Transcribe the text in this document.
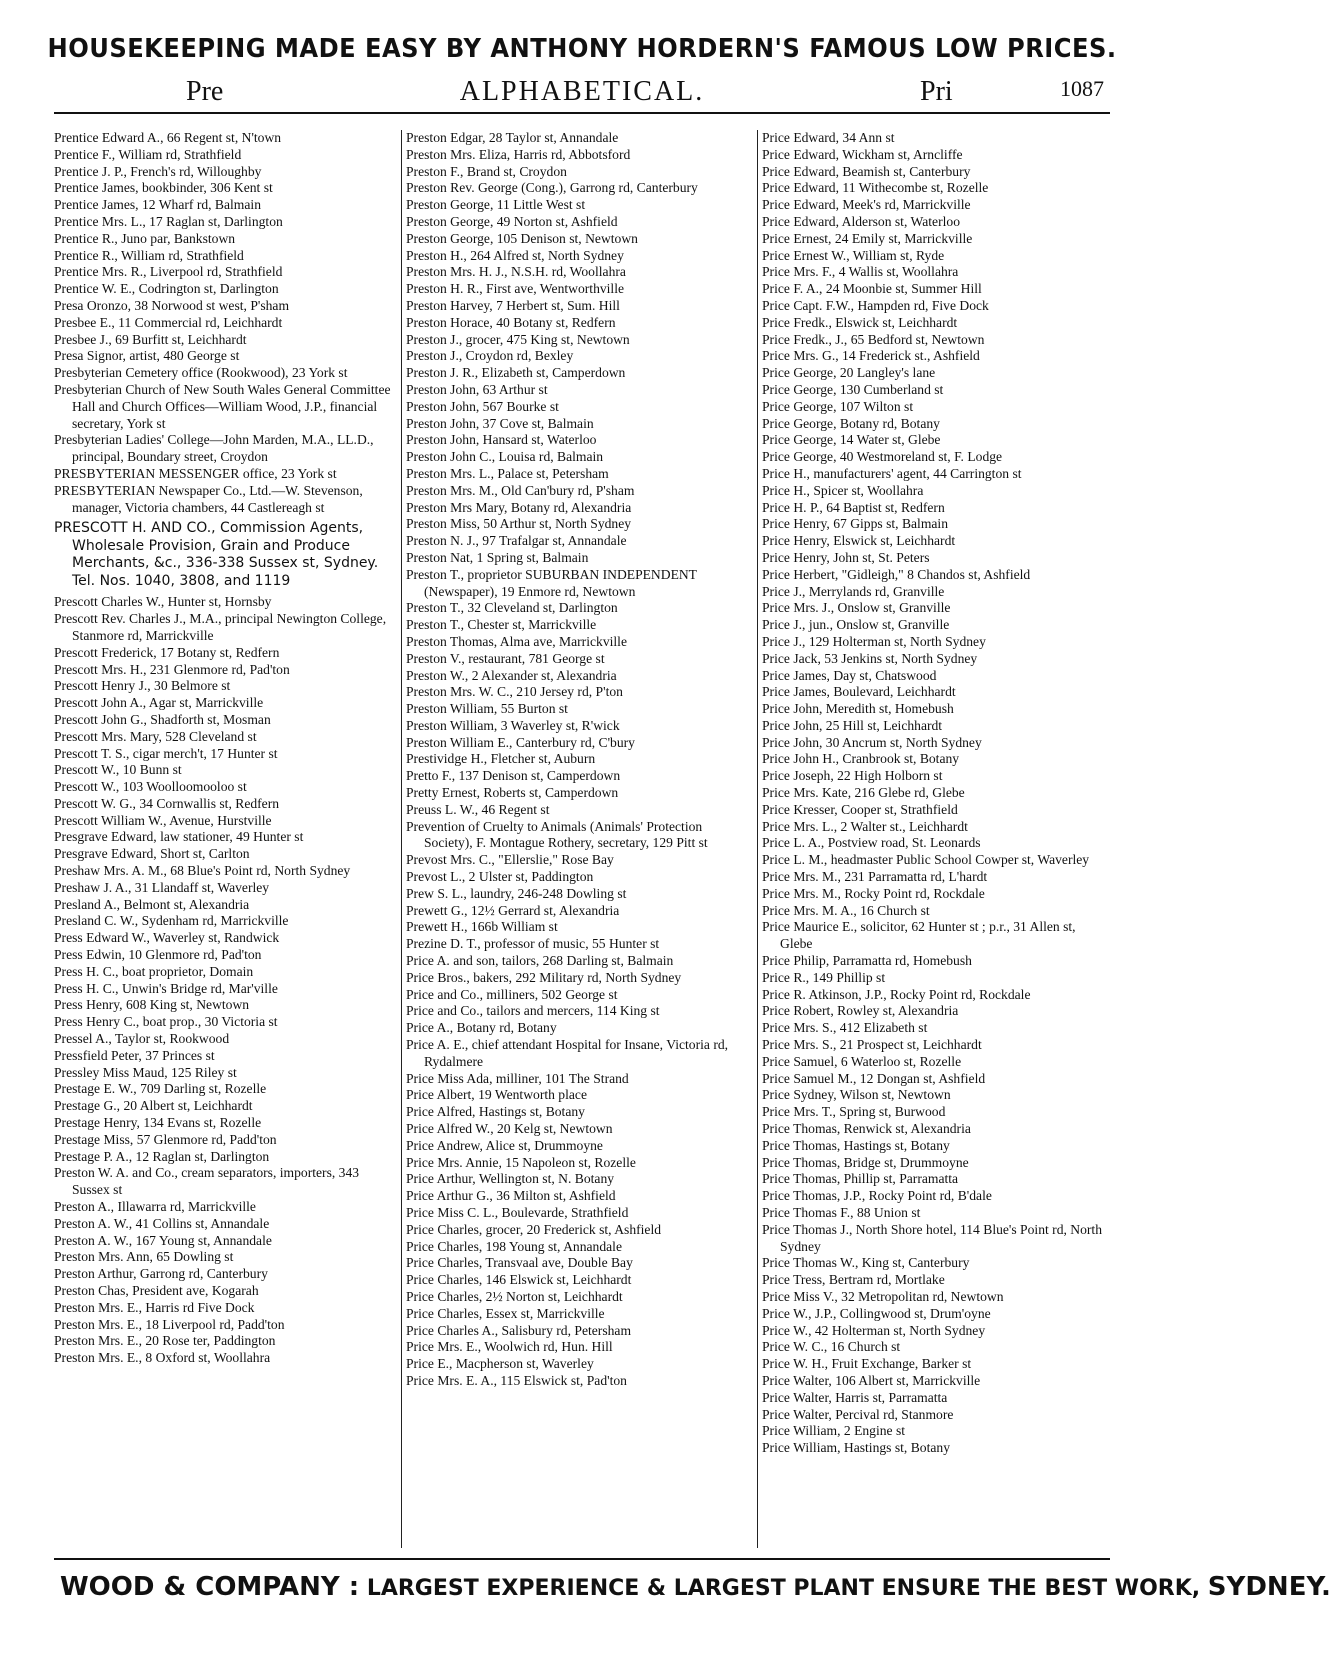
HOUSEKEEPING MADE EASY BY ANTHONY HORDERN'S FAMOUS LOW PRICES.
Pre	ALPHABETICAL.	Pri	1087
Prentice Edward A., 66 Regent st, N'town
Prentice F., William rd, Strathfield
Prentice J. P., French's rd, Willoughby
Prentice James, bookbinder, 306 Kent st
Prentice James, 12 Wharf rd, Balmain
Prentice Mrs. L., 17 Raglan st, Darlington
Prentice R., Juno par, Bankstown
Prentice R., William rd, Strathfield
Prentice Mrs. R., Liverpool rd, Strathfield
Prentice W. E., Codrington st, Darlington
Presa Oronzo, 38 Norwood st west, P'sham
Presbee E., 11 Commercial rd, Leichhardt
Presbee J., 69 Burfitt st, Leichhardt
Presa Signor, artist, 480 George st
Presbyterian Cemetery office (Rookwood), 23 York st
Presbyterian Church of New South Wales General Committee Hall and Church Offices—William Wood, J.P., financial secretary, York st
Presbyterian Ladies' College—John Marden, M.A., LL.D., principal, Boundary street, Croydon
PRESBYTERIAN MESSENGER office, 23 York st
PRESBYTERIAN Newspaper Co., Ltd.—W. Stevenson, manager, Victoria chambers, 44 Castlereagh st
PRESCOTT H. AND CO., Commission Agents, Wholesale Provision, Grain and Produce Merchants, &c., 336-338 Sussex st, Sydney. Tel. Nos. 1040, 3808, and 1119
Prescott Charles W., Hunter st, Hornsby
Prescott Rev. Charles J., M.A., principal Newington College, Stanmore rd, Marrickville
Prescott Frederick, 17 Botany st, Redfern
Prescott Mrs. H., 231 Glenmore rd, Pad'ton
Prescott Henry J., 30 Belmore st
Prescott John A., Agar st, Marrickville
Prescott John G., Shadforth st, Mosman
Prescott Mrs. Mary, 528 Cleveland st
Prescott T. S., cigar merch't, 17 Hunter st
Prescott W., 10 Bunn st
Prescott W., 103 Woolloomooloo st
Prescott W. G., 34 Cornwallis st, Redfern
Prescott William W., Avenue, Hurstville
Presgrave Edward, law stationer, 49 Hunter st
Presgrave Edward, Short st, Carlton
Preshaw Mrs. A. M., 68 Blue's Point rd, North Sydney
Preshaw J. A., 31 Llandaff st, Waverley
Presland A., Belmont st, Alexandria
Presland C. W., Sydenham rd, Marrickville
Press Edward W., Waverley st, Randwick
Press Edwin, 10 Glenmore rd, Pad'ton
Press H. C., boat proprietor, Domain
Press H. C., Unwin's Bridge rd, Mar'ville
Press Henry, 608 King st, Newtown
Press Henry C., boat prop., 30 Victoria st
Pressel A., Taylor st, Rookwood
Pressfield Peter, 37 Princes st
Pressley Miss Maud, 125 Riley st
Prestage E. W., 709 Darling st, Rozelle
Prestage G., 20 Albert st, Leichhardt
Prestage Henry, 134 Evans st, Rozelle
Prestage Miss, 57 Glenmore rd, Padd'ton
Prestage P. A., 12 Raglan st, Darlington
Preston W. A. and Co., cream separators, importers, 343 Sussex st
Preston A., Illawarra rd, Marrickville
Preston A. W., 41 Collins st, Annandale
Preston A. W., 167 Young st, Annandale
Preston Mrs. Ann, 65 Dowling st
Preston Arthur, Garrong rd, Canterbury
Preston Chas, President ave, Kogarah
Preston Mrs. E., Harris rd Five Dock
Preston Mrs. E., 18 Liverpool rd, Padd'ton
Preston Mrs. E., 20 Rose ter, Paddington
Preston Mrs. E., 8 Oxford st, Woollahra
Preston Edgar, 28 Taylor st, Annandale
Preston Mrs. Eliza, Harris rd, Abbotsford
Preston F., Brand st, Croydon
Preston Rev. George (Cong.), Garrong rd, Canterbury
Preston George, 11 Little West st
Preston George, 49 Norton st, Ashfield
Preston George, 105 Denison st, Newtown
Preston H., 264 Alfred st, North Sydney
Preston Mrs. H. J., N.S.H. rd, Woollahra
Preston H. R., First ave, Wentworthville
Preston Harvey, 7 Herbert st, Sum. Hill
Preston Horace, 40 Botany st, Redfern
Preston J., grocer, 475 King st, Newtown
Preston J., Croydon rd, Bexley
Preston J. R., Elizabeth st, Camperdown
Preston John, 63 Arthur st
Preston John, 567 Bourke st
Preston John, 37 Cove st, Balmain
Preston John, Hansard st, Waterloo
Preston John C., Louisa rd, Balmain
Preston Mrs. L., Palace st, Petersham
Preston Mrs. M., Old Can'bury rd, P'sham
Preston Mrs Mary, Botany rd, Alexandria
Preston Miss, 50 Arthur st, North Sydney
Preston N. J., 97 Trafalgar st, Annandale
Preston Nat, 1 Spring st, Balmain
Preston T., proprietor SUBURBAN INDEPENDENT (Newspaper), 19 Enmore rd, Newtown
Preston T., 32 Cleveland st, Darlington
Preston T., Chester st, Marrickville
Preston Thomas, Alma ave, Marrickville
Preston V., restaurant, 781 George st
Preston W., 2 Alexander st, Alexandria
Preston Mrs. W. C., 210 Jersey rd, P'ton
Preston William, 55 Burton st
Preston William, 3 Waverley st, R'wick
Preston William E., Canterbury rd, C'bury
Prestividge H., Fletcher st, Auburn
Pretto F., 137 Denison st, Camperdown
Pretty Ernest, Roberts st, Camperdown
Preuss L. W., 46 Regent st
Prevention of Cruelty to Animals (Animals' Protection Society), F. Montague Rothery, secretary, 129 Pitt st
Prevost Mrs. C., "Ellerslie," Rose Bay
Prevost L., 2 Ulster st, Paddington
Prew S. L., laundry, 246-248 Dowling st
Prewett G., 12½ Gerrard st, Alexandria
Prewett H., 166b William st
Prezine D. T., professor of music, 55 Hunter st
Price A. and son, tailors, 268 Darling st, Balmain
Price Bros., bakers, 292 Military rd, North Sydney
Price and Co., milliners, 502 George st
Price and Co., tailors and mercers, 114 King st
Price A., Botany rd, Botany
Price A. E., chief attendant Hospital for Insane, Victoria rd, Rydalmere
Price Miss Ada, milliner, 101 The Strand
Price Albert, 19 Wentworth place
Price Alfred, Hastings st, Botany
Price Alfred W., 20 Kelg st, Newtown
Price Andrew, Alice st, Drummoyne
Price Mrs. Annie, 15 Napoleon st, Rozelle
Price Arthur, Wellington st, N. Botany
Price Arthur G., 36 Milton st, Ashfield
Price Miss C. L., Boulevarde, Strathfield
Price Charles, grocer, 20 Frederick st, Ashfield
Price Charles, 198 Young st, Annandale
Price Charles, Transvaal ave, Double Bay
Price Charles, 146 Elswick st, Leichhardt
Price Charles, 2½ Norton st, Leichhardt
Price Charles, Essex st, Marrickville
Price Charles A., Salisbury rd, Petersham
Price Mrs. E., Woolwich rd, Hun. Hill
Price E., Macpherson st, Waverley
Price Mrs. E. A., 115 Elswick st, Pad'ton
Price Edward, 34 Ann st
Price Edward, Wickham st, Arncliffe
Price Edward, Beamish st, Canterbury
Price Edward, 11 Withecombe st, Rozelle
Price Edward, Meek's rd, Marrickville
Price Edward, Alderson st, Waterloo
Price Ernest, 24 Emily st, Marrickville
Price Ernest W., William st, Ryde
Price Mrs. F., 4 Wallis st, Woollahra
Price F. A., 24 Moonbie st, Summer Hill
Price Capt. F.W., Hampden rd, Five Dock
Price Fredk., Elswick st, Leichhardt
Price Fredk., J., 65 Bedford st, Newtown
Price Mrs. G., 14 Frederick st., Ashfield
Price George, 20 Langley's lane
Price George, 130 Cumberland st
Price George, 107 Wilton st
Price George, Botany rd, Botany
Price George, 14 Water st, Glebe
Price George, 40 Westmoreland st, F. Lodge
Price H., manufacturers' agent, 44 Carrington st
Price H., Spicer st, Woollahra
Price H. P., 64 Baptist st, Redfern
Price Henry, 67 Gipps st, Balmain
Price Henry, Elswick st, Leichhardt
Price Henry, John st, St. Peters
Price Herbert, "Gidleigh," 8 Chandos st, Ashfield
Price J., Merrylands rd, Granville
Price Mrs. J., Onslow st, Granville
Price J., jun., Onslow st, Granville
Price J., 129 Holterman st, North Sydney
Price Jack, 53 Jenkins st, North Sydney
Price James, Day st, Chatswood
Price James, Boulevard, Leichhardt
Price John, Meredith st, Homebush
Price John, 25 Hill st, Leichhardt
Price John, 30 Ancrum st, North Sydney
Price John H., Cranbrook st, Botany
Price Joseph, 22 High Holborn st
Price Mrs. Kate, 216 Glebe rd, Glebe
Price Kresser, Cooper st, Strathfield
Price Mrs. L., 2 Walter st., Leichhardt
Price L. A., Postview road, St. Leonards
Price L. M., headmaster Public School Cowper st, Waverley
Price Mrs. M., 231 Parramatta rd, L'hardt
Price Mrs. M., Rocky Point rd, Rockdale
Price Mrs. M. A., 16 Church st
Price Maurice E., solicitor, 62 Hunter st ; p.r., 31 Allen st, Glebe
Price Philip, Parramatta rd, Homebush
Price R., 149 Phillip st
Price R. Atkinson, J.P., Rocky Point rd, Rockdale
Price Robert, Rowley st, Alexandria
Price Mrs. S., 412 Elizabeth st
Price Mrs. S., 21 Prospect st, Leichhardt
Price Samuel, 6 Waterloo st, Rozelle
Price Samuel M., 12 Dongan st, Ashfield
Price Sydney, Wilson st, Newtown
Price Mrs. T., Spring st, Burwood
Price Thomas, Renwick st, Alexandria
Price Thomas, Hastings st, Botany
Price Thomas, Bridge st, Drummoyne
Price Thomas, Phillip st, Parramatta
Price Thomas, J.P., Rocky Point rd, B'dale
Price Thomas F., 88 Union st
Price Thomas J., North Shore hotel, 114 Blue's Point rd, North Sydney
Price Thomas W., King st, Canterbury
Price Tress, Bertram rd, Mortlake
Price Miss V., 32 Metropolitan rd, Newtown
Price W., J.P., Collingwood st, Drum'oyne
Price W., 42 Holterman st, North Sydney
Price W. C., 16 Church st
Price W. H., Fruit Exchange, Barker st
Price Walter, 106 Albert st, Marrickville
Price Walter, Harris st, Parramatta
Price Walter, Percival rd, Stanmore
Price William, 2 Engine st
Price William, Hastings st, Botany
WOOD & COMPANY : LARGEST EXPERIENCE & LARGEST PLANT ENSURE THE BEST WORK, SYDNEY.
